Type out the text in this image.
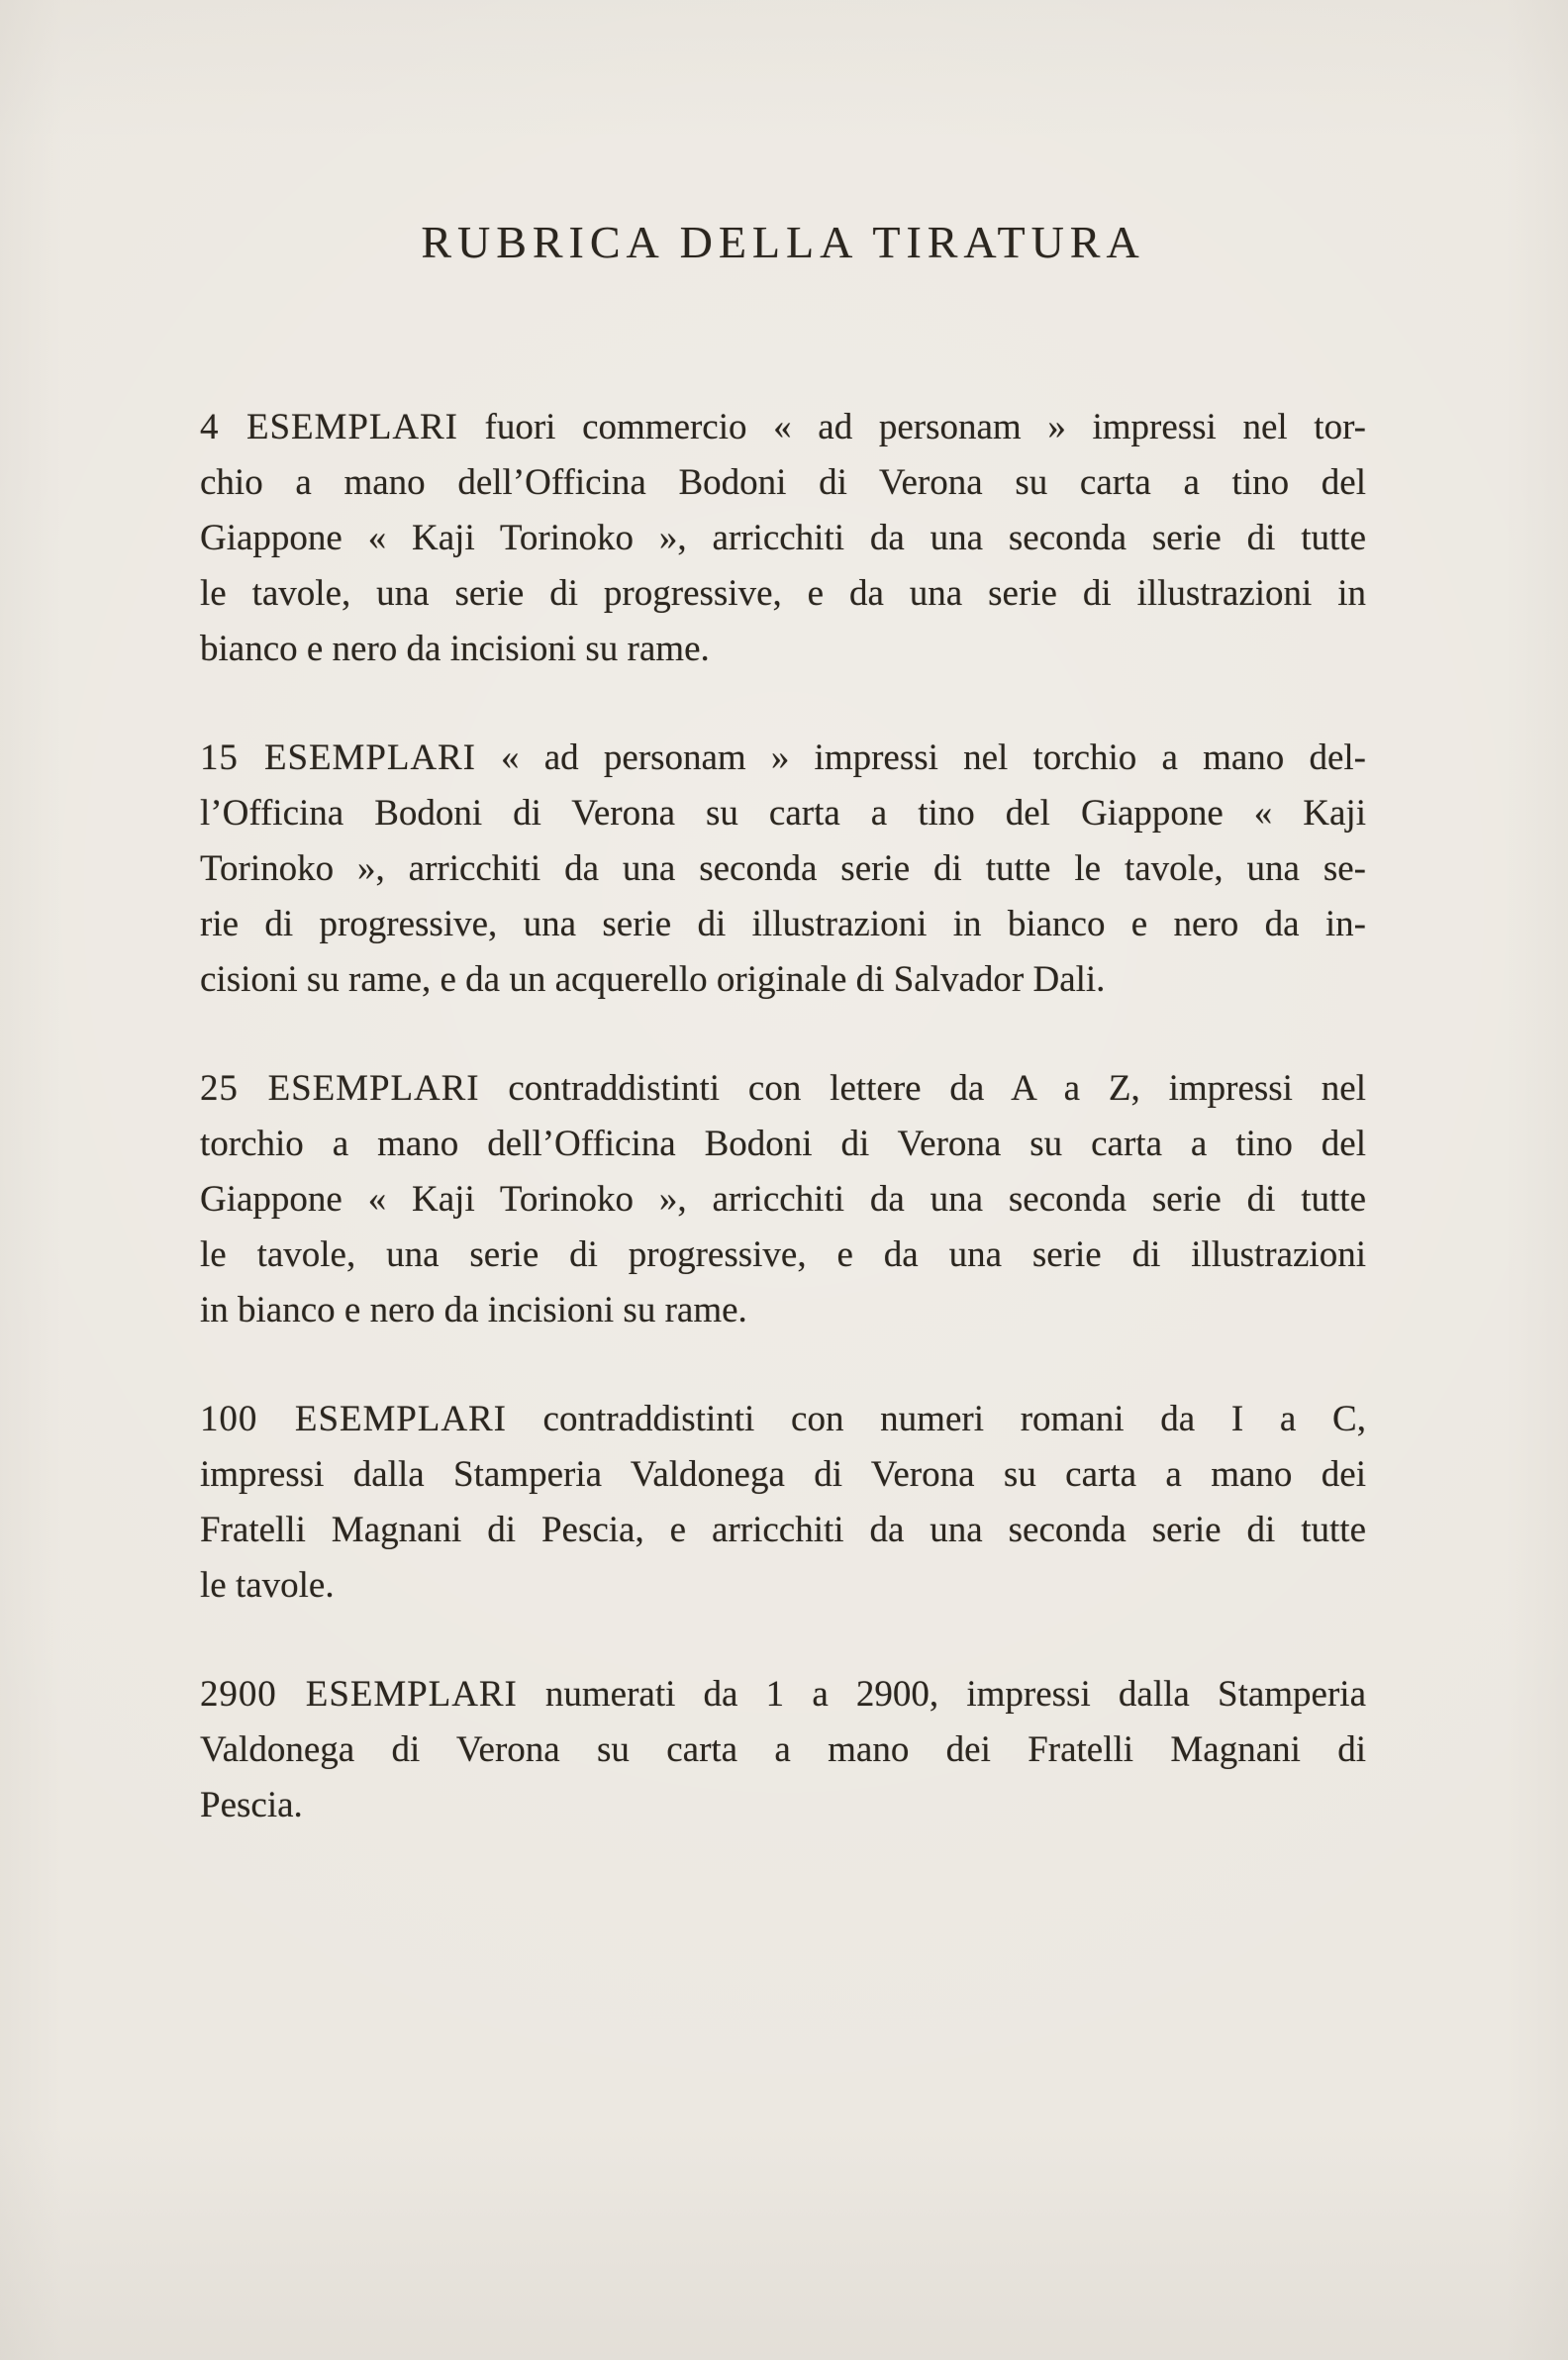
RUBRICA DELLA TIRATURA
4 ESEMPLARI fuori commercio « ad personam » impressi nel tor-
chio a mano dell’Officina Bodoni di Verona su carta a tino del
Giappone « Kaji Torinoko », arricchiti da una seconda serie di tutte
le tavole, una serie di progressive, e da una serie di illustrazioni in
bianco e nero da incisioni su rame.
15 ESEMPLARI « ad personam » impressi nel torchio a mano del-
l’Officina Bodoni di Verona su carta a tino del Giappone « Kaji
Torinoko », arricchiti da una seconda serie di tutte le tavole, una se-
rie di progressive, una serie di illustrazioni in bianco e nero da in-
cisioni su rame, e da un acquerello originale di Salvador Dali.
25 ESEMPLARI contraddistinti con lettere da A a Z, impressi nel
torchio a mano dell’Officina Bodoni di Verona su carta a tino del
Giappone « Kaji Torinoko », arricchiti da una seconda serie di tutte
le tavole, una serie di progressive, e da una serie di illustrazioni
in bianco e nero da incisioni su rame.
100 ESEMPLARI contraddistinti con numeri romani da I a C,
impressi dalla Stamperia Valdonega di Verona su carta a mano dei
Fratelli Magnani di Pescia, e arricchiti da una seconda serie di tutte
le tavole.
2900 ESEMPLARI numerati da 1 a 2900, impressi dalla Stamperia
Valdonega di Verona su carta a mano dei Fratelli Magnani di
Pescia.
